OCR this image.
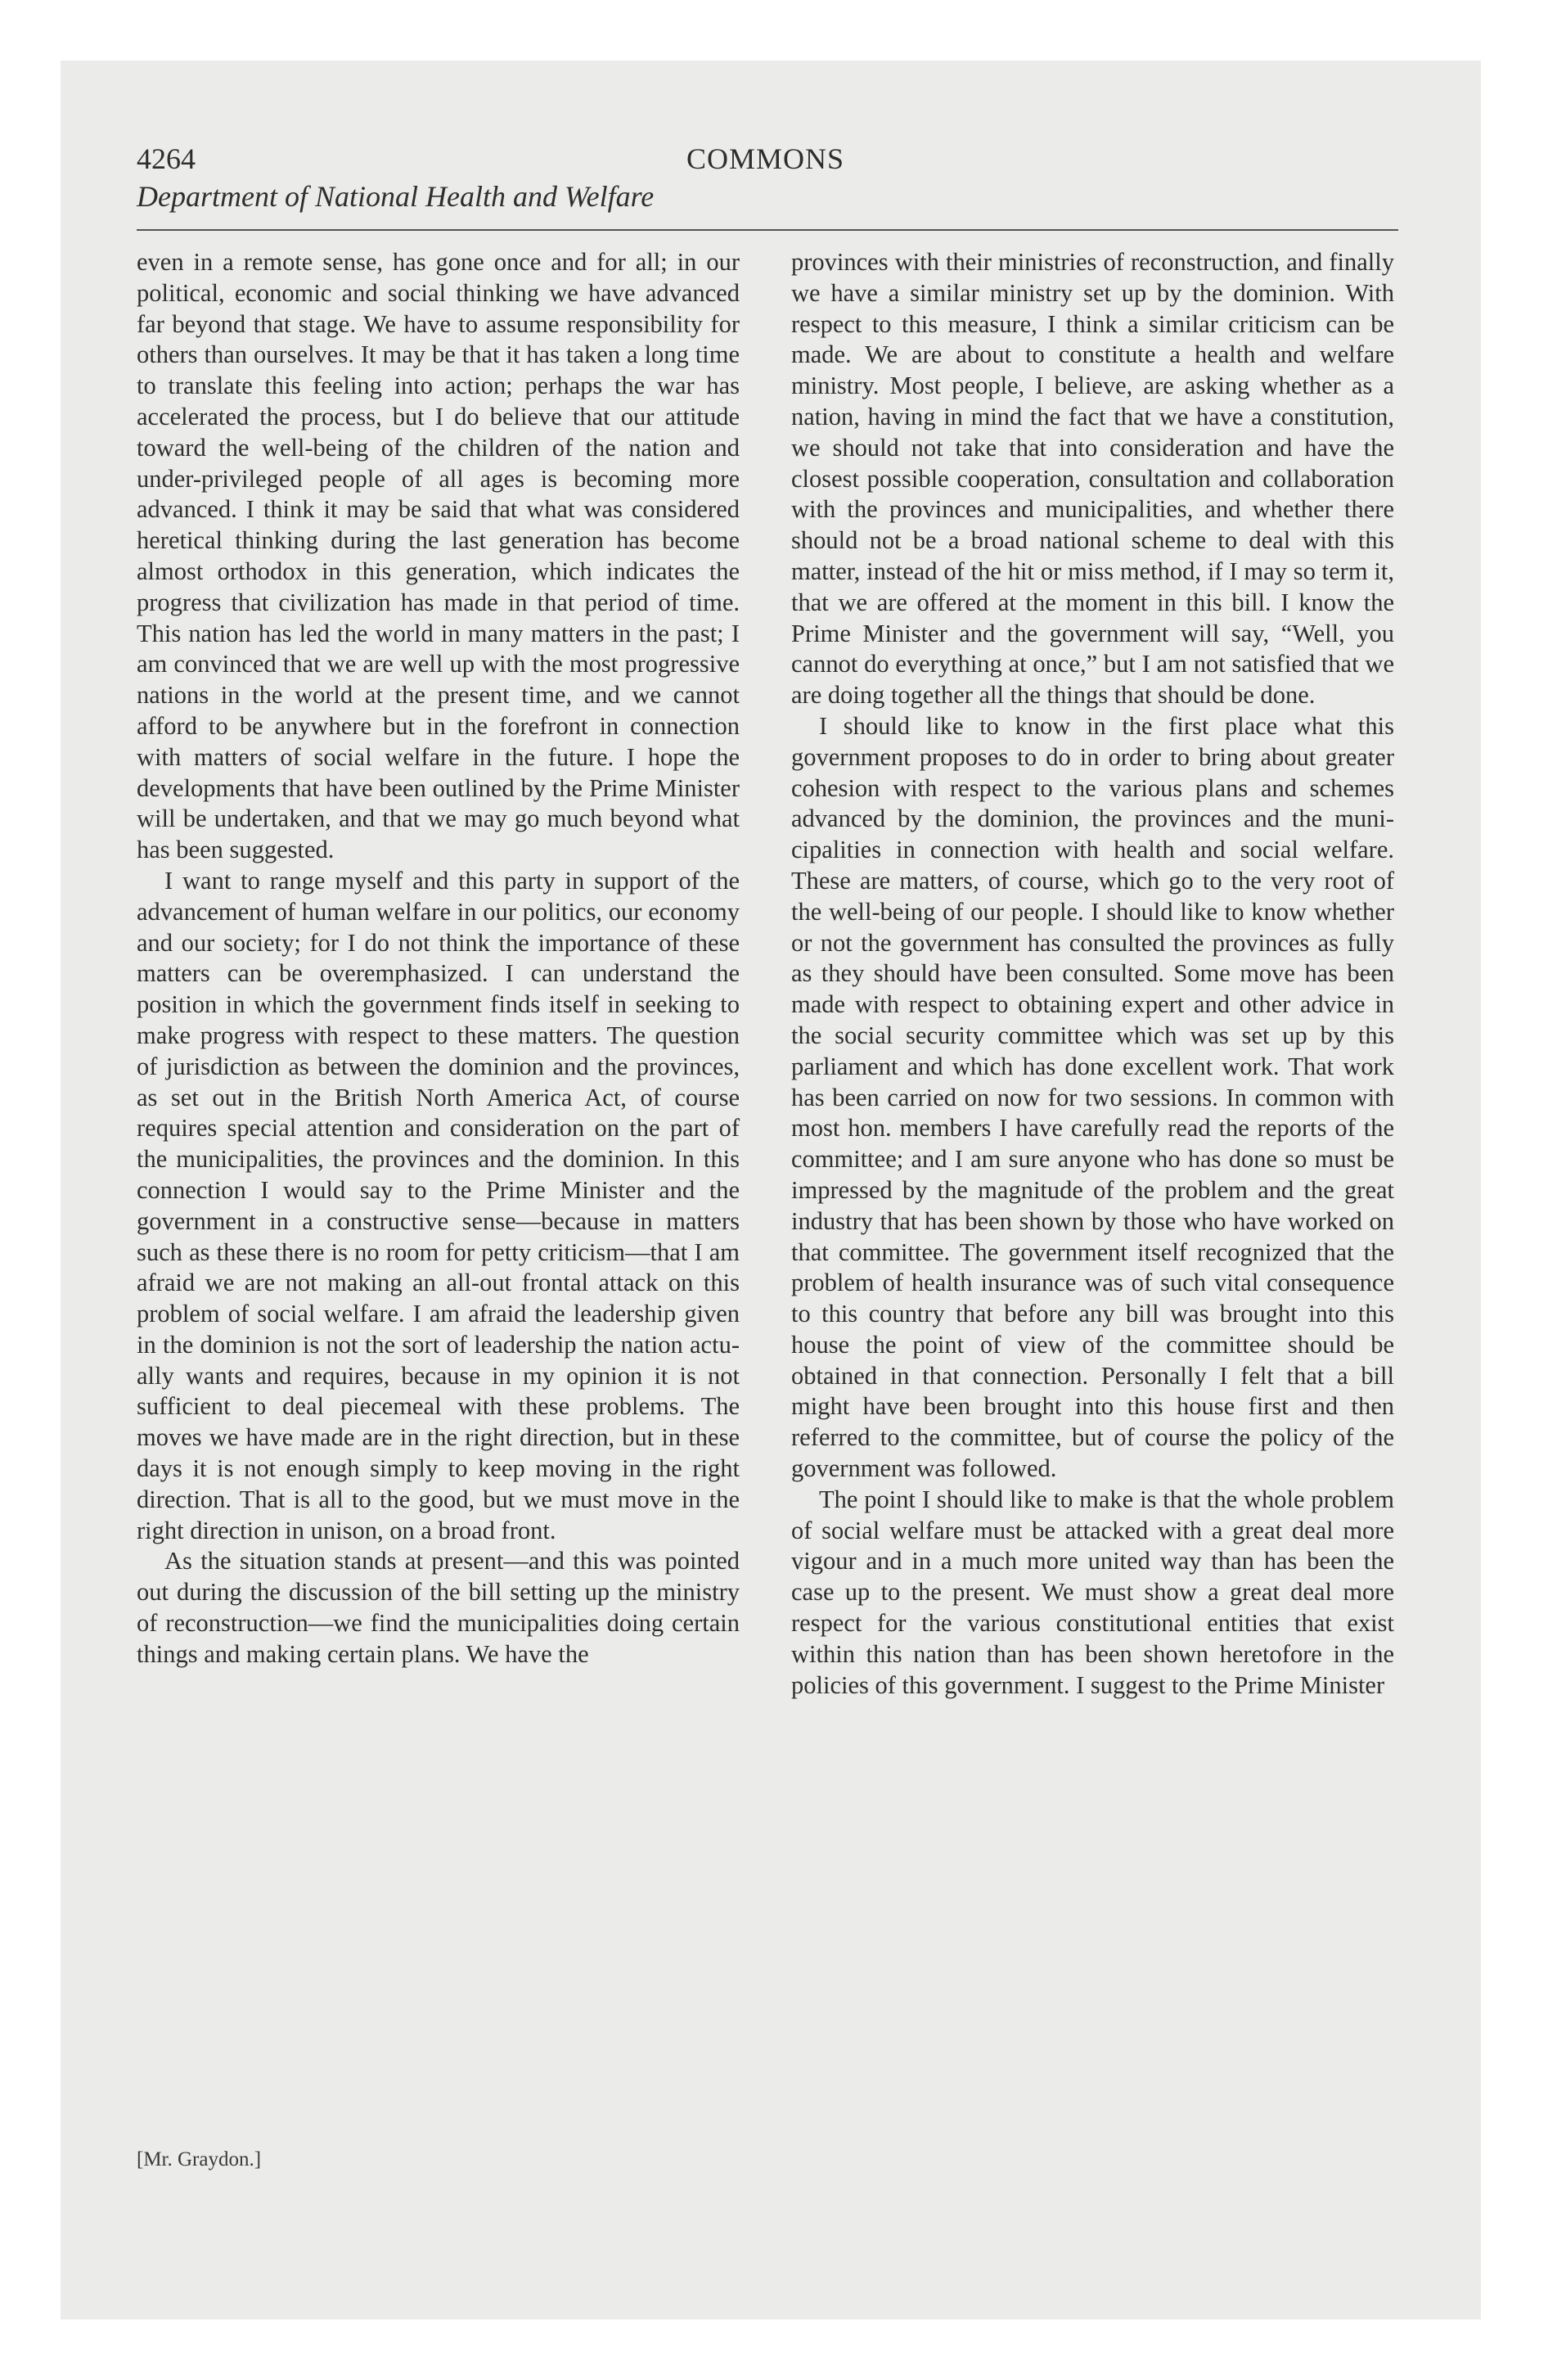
4264	COMMONS
Department of National Health and Welfare

even in a remote sense, has gone once and for all; in our political, economic and social thinking we have advanced far beyond that stage. We have to assume responsibility for others than ourselves. It may be that it has taken a long time to translate this feeling into action; perhaps the war has accelerated the process, but I do believe that our attitude toward the well-being of the children of the nation and under-privileged people of all ages is becoming more advanced. I think it may be said that what was considered heretical thinking during the last generation has become almost orthodox in this generation, which indicates the progress that civilization has made in that period of time. This nation has led the world in many matters in the past; I am convinced that we are well up with the most progressive nations in the world at the present time, and we cannot afford to be anywhere but in the forefront in connection with matters of social welfare in the future. I hope the developments that have been outlined by the Prime Minister will be undertaken, and that we may go much beyond what has been suggested.

I want to range myself and this party in support of the advancement of human welfare in our politics, our economy and our society; for I do not think the importance of these matters can be overemphasized. I can understand the position in which the government finds itself in seeking to make progress with respect to these matters. The question of jurisdiction as between the dominion and the provinces, as set out in the British North America Act, of course requires special attention and consideration on the part of the municipalities, the provinces and the dominion. In this connection I would say to the Prime Minister and the government in a constructive sense—because in matters such as these there is no room for petty criticism—that I am afraid we are not making an all-out frontal attack on this problem of social welfare. I am afraid the leadership given in the dominion is not the sort of leadership the nation actually wants and requires, because in my opinion it is not sufficient to deal piecemeal with these problems. The moves we have made are in the right direction, but in these days it is not enough simply to keep moving in the right direction. That is all to the good, but we must move in the right direction in unison, on a broad front.

As the situation stands at present—and this was pointed out during the discussion of the bill setting up the ministry of reconstruction—we find the municipalities doing certain things and making certain plans. We have the

provinces with their ministries of reconstruction, and finally we have a similar ministry set up by the dominion. With respect to this measure, I think a similar criticism can be made. We are about to constitute a health and welfare ministry. Most people, I believe, are asking whether as a nation, having in mind the fact that we have a constitution, we should not take that into consideration and have the closest possible cooperation, consultation and collaboration with the provinces and municipalities, and whether there should not be a broad national scheme to deal with this matter, instead of the hit or miss method, if I may so term it, that we are offered at the moment in this bill. I know the Prime Minister and the government will say, “Well, you cannot do everything at once,” but I am not satisfied that we are doing together all the things that should be done.

I should like to know in the first place what this government proposes to do in order to bring about greater cohesion with respect to the various plans and schemes advanced by the dominion, the provinces and the municipalities in connection with health and social welfare. These are matters, of course, which go to the very root of the well-being of our people. I should like to know whether or not the government has consulted the provinces as fully as they should have been consulted. Some move has been made with respect to obtaining expert and other advice in the social security committee which was set up by this parliament and which has done excellent work. That work has been carried on now for two sessions. In common with most hon. members I have carefully read the reports of the committee; and I am sure anyone who has done so must be impressed by the magnitude of the problem and the great industry that has been shown by those who have worked on that committee. The government itself recognized that the problem of health insurance was of such vital consequence to this country that before any bill was brought into this house the point of view of the committee should be obtained in that connection. Personally I felt that a bill might have been brought into this house first and then referred to the committee, but of course the policy of the government was followed.

The point I should like to make is that the whole problem of social welfare must be attacked with a great deal more vigour and in a much more united way than has been the case up to the present. We must show a great deal more respect for the various constitutional entities that exist within this nation than has been shown heretofore in the policies of this government. I suggest to the Prime Minister

[Mr. Graydon.]
